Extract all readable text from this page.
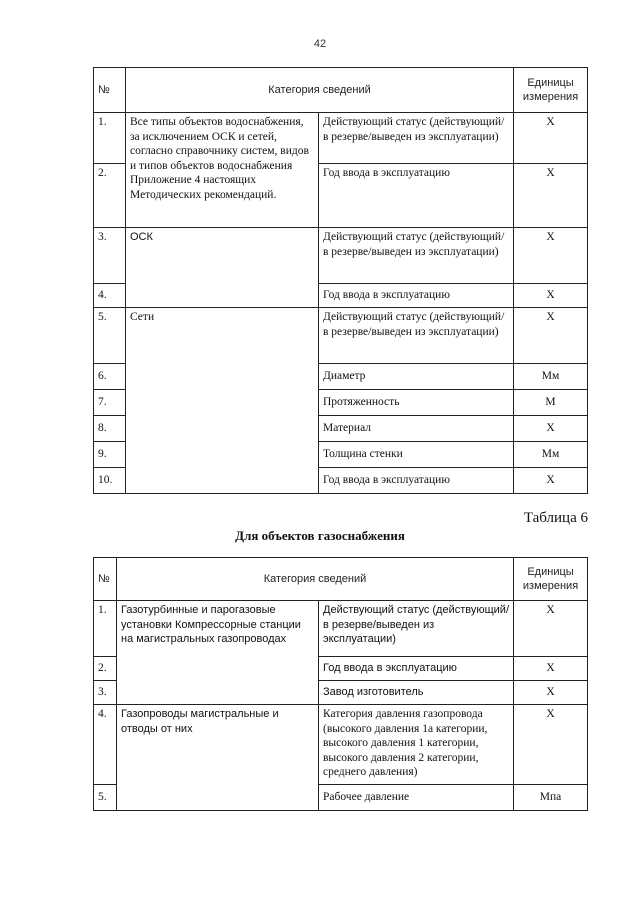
42
№	Категория сведений		Единицы измерения
1.	Все типы объектов водоснабжения, за исключением ОСК и сетей, согласно справочнику систем, видов и типов объектов водоснабжения Приложение 4 настоящих Методических рекомендаций.	Действующий статус (действующий/в резерве/выведен из эксплуатации)	Х
2.		Год ввода в эксплуатацию	Х
3.	ОСК	Действующий статус (действующий/в резерве/выведен из эксплуатации)	Х
4.		Год ввода в эксплуатацию	Х
5.	Сети	Действующий статус (действующий/в резерве/выведен из эксплуатации)	Х
6.		Диаметр	Мм
7.		Протяженность	М
8.		Материал	Х
9.		Толщина стенки	Мм
10.		Год ввода в эксплуатацию	Х
Таблица 6
Для объектов газоснабжения
№	Категория сведений		Единицы измерения
1.	Газотурбинные и парогазовые установки Компрессорные станции на магистральных газопроводах	Действующий статус (действующий/в резерве/выведен из эксплуатации)	Х
2.		Год ввода в эксплуатацию	Х
3.		Завод изготовитель	Х
4.	Газопроводы магистральные и отводы от них	Категория давления газопровода (высокого давления 1а категории, высокого давления 1 категории, высокого давления 2 категории, среднего давления)	Х
5.		Рабочее давление	Мпа
